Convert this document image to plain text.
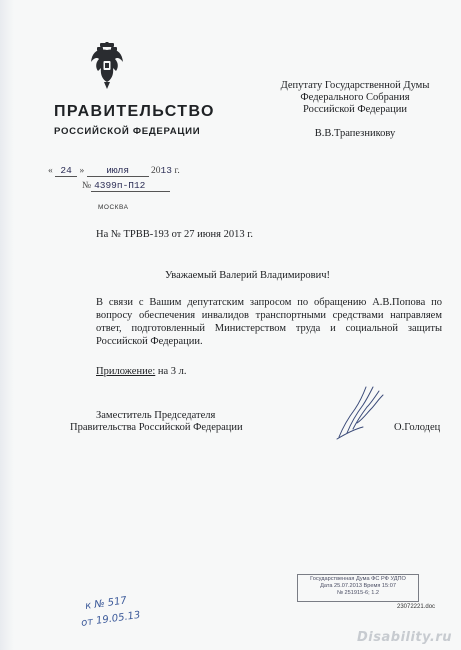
ПРАВИТЕЛЬСТВО
РОССИЙСКОЙ ФЕДЕРАЦИИ
Депутату Государственной Думы
Федерального Собрания
Российской Федерации
В.В.Трапезникову
« 24 » июля 2013 г.
№ 4399п-П12
МОСКВА
На № ТРВВ-193 от 27 июня 2013 г.
Уважаемый Валерий Владимирович!
В связи с Вашим депутатским запросом по обращению А.В.Попова по вопросу обеспечения инвалидов транспортными средствами направляем ответ, подготовленный Министерством труда и социальной защиты Российской Федерации.
Приложение: на 3 л.
Заместитель Председателя
Правительства Российской Федерации	О.Голодец
Государственная Дума ФС РФ УДПО
Дата 25.07.2013 Время 15:07
№ 251915-6; 1.2
23072221.doc
к № 517
от 19.05.13
Disability.ru
